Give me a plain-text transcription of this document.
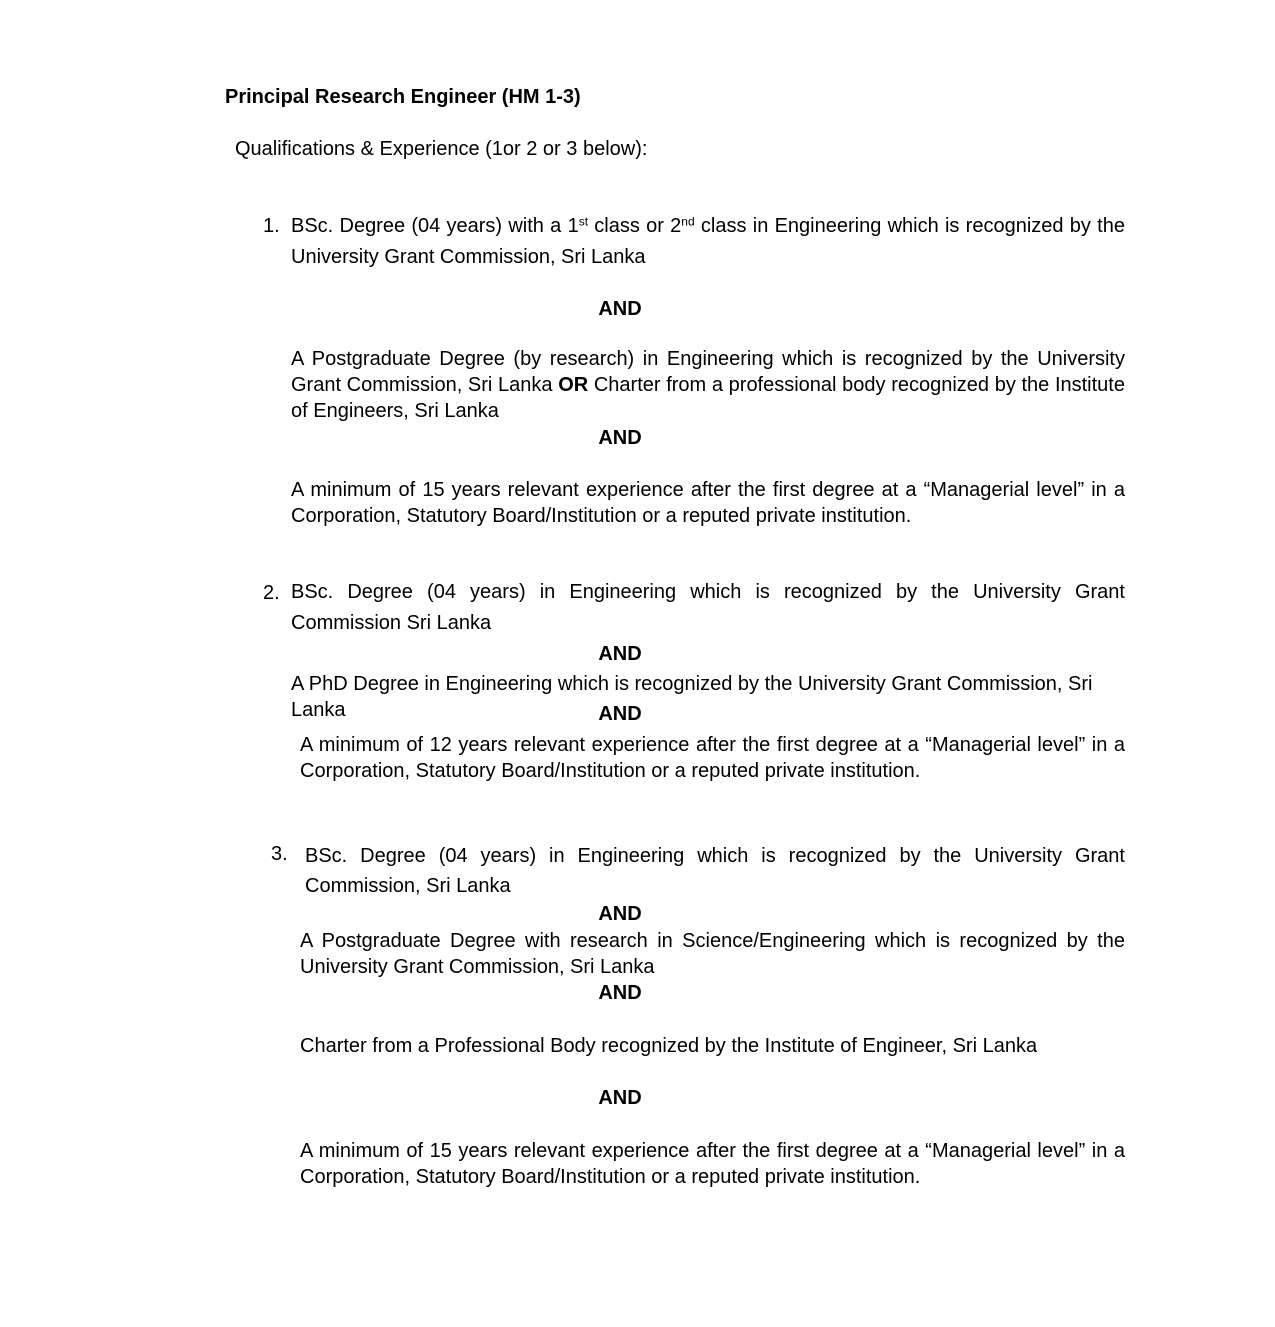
Principal Research Engineer (HM 1-3)

Qualifications & Experience (1or 2 or 3 below):

1. BSc. Degree (04 years) with a 1st class or 2nd class in Engineering which is recognized by the University Grant Commission, Sri Lanka

AND

A Postgraduate Degree (by research) in Engineering which is recognized by the University Grant Commission, Sri Lanka OR Charter from a professional body recognized by the Institute of Engineers, Sri Lanka

AND

A minimum of 15 years relevant experience after the first degree at a “Managerial level” in a Corporation, Statutory Board/Institution or a reputed private institution.

2. BSc. Degree (04 years) in Engineering which is recognized by the University Grant Commission Sri Lanka

AND

A PhD Degree in Engineering which is recognized by the University Grant Commission, Sri Lanka	AND

A minimum of 12 years relevant experience after the first degree at a “Managerial level” in a Corporation, Statutory Board/Institution or a reputed private institution.

3. BSc. Degree (04 years) in Engineering which is recognized by the University Grant Commission, Sri Lanka

AND

A Postgraduate Degree with research in Science/Engineering which is recognized by the University Grant Commission, Sri Lanka

AND

Charter from a Professional Body recognized by the Institute of Engineer, Sri Lanka

AND

A minimum of 15 years relevant experience after the first degree at a “Managerial level” in a Corporation, Statutory Board/Institution or a reputed private institution.
